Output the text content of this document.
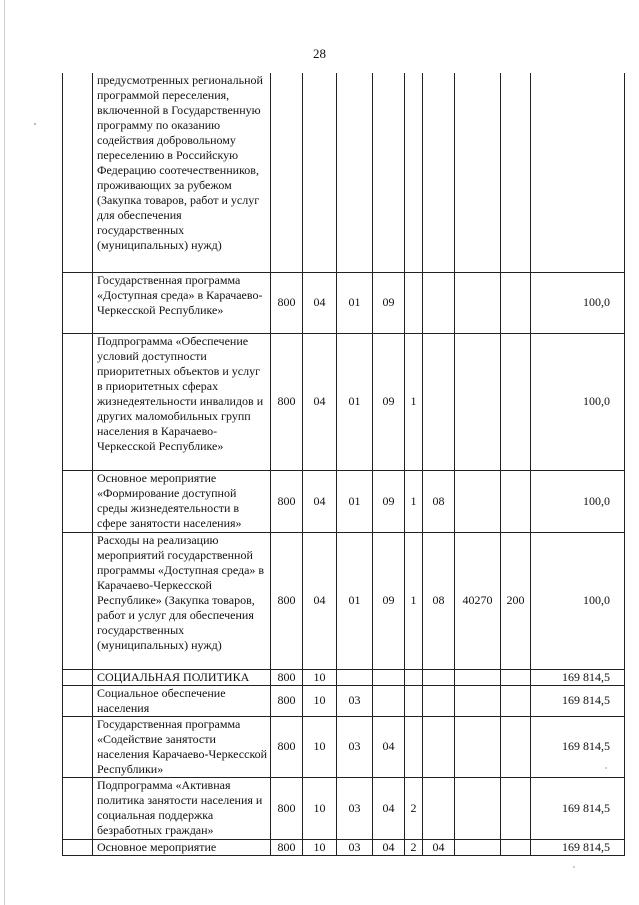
28
	предусмотренных региональной программой переселения, включенной в Государственную программу по оказанию содействия добровольному переселению в Российскую Федерацию соотечественников, проживающих за рубежом (Закупка товаров, работ и услуг для обеспечения государственных (муниципальных) нужд)									
	Государственная программа «Доступная среда» в Карачаево-Черкесской Республике»	800	04	01	09					100,0
	Подпрограмма «Обеспечение условий доступности приоритетных объектов и услуг в приоритетных сферах жизнедеятельности инвалидов и других маломобильных групп населения в Карачаево-Черкесской Республике»	800	04	01	09	1				100,0
	Основное мероприятие «Формирование доступной среды жизнедеятельности в сфере занятости населения»	800	04	01	09	1	08			100,0
	Расходы на реализацию мероприятий государственной программы «Доступная среда» в Карачаево-Черкесской Республике» (Закупка товаров, работ и услуг для обеспечения государственных (муниципальных) нужд)	800	04	01	09	1	08	40270	200	100,0
	СОЦИАЛЬНАЯ ПОЛИТИКА	800	10							169 814,5
	Социальное обеспечение населения	800	10	03						169 814,5
	Государственная программа «Содействие занятости населения Карачаево-Черкесской Республики»	800	10	03	04					169 814,5
	Подпрограмма «Активная политика занятости населения и социальная поддержка безработных граждан»	800	10	03	04	2				169 814,5
	Основное мероприятие	800	10	03	04	2	04			169 814,5
